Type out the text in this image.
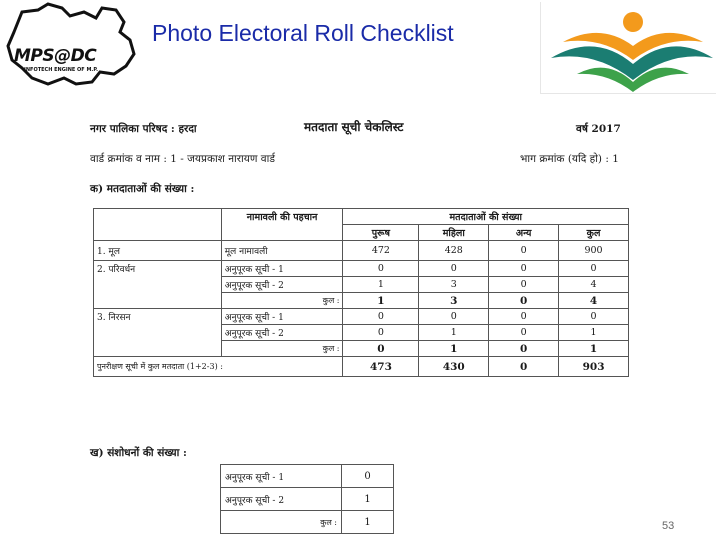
MPS@DC
INFOTECH ENGINE OF M.P.
Photo Electoral Roll Checklist
नगर पालिका परिषद : हरदा	मतदाता सूची चेकलिस्ट	वर्ष 2017
वार्ड क्रमांक व नाम : 1 - जयप्रकाश नारायण वार्ड	भाग क्रमांक (यदि हो) : 1
क) मतदाताओं की संख्या :
	नामावली की पहचान	मतदाताओं की संख्या			
		पुरूष	महिला	अन्य	कुल
1. मूल	मूल नामावली	472	428	0	900
2. परिवर्धन	अनुपूरक सूची - 1	0	0	0	0
	अनुपूरक सूची - 2	1	3	0	4
	कुल :	1	3	0	4
3. निरसन	अनुपूरक सूची - 1	0	0	0	0
	अनुपूरक सूची - 2	0	1	0	1
	कुल :	0	1	0	1
पुनरीक्षण सूची में कुल मतदाता (1+2-3) :		473	430	0	903
ख) संशोधनों की संख्या :
अनुपूरक सूची - 1	0
अनुपूरक सूची - 2	1
कुल :	1	53
